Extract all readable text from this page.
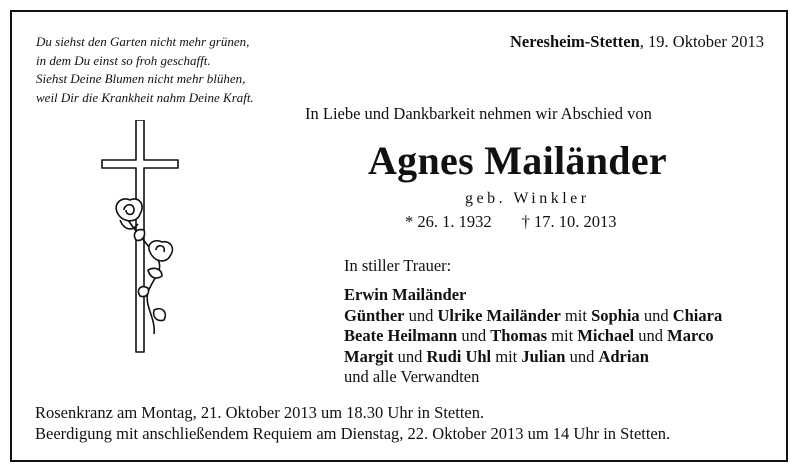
Du siehst den Garten nicht mehr grünen,
in dem Du einst so froh geschafft.
Siehst Deine Blumen nicht mehr blühen,
weil Dir die Krankheit nahm Deine Kraft.
Neresheim-Stetten, 19. Oktober 2013
In Liebe und Dankbarkeit nehmen wir Abschied von
Agnes Mailänder
geb. Winkler
* 26. 1. 1932 † 17. 10. 2013
In stiller Trauer:
Erwin Mailänder
Günther und Ulrike Mailänder mit Sophia und Chiara
Beate Heilmann und Thomas mit Michael und Marco
Margit und Rudi Uhl mit Julian und Adrian
und alle Verwandten
Rosenkranz am Montag, 21. Oktober 2013 um 18.30 Uhr in Stetten.
Beerdigung mit anschließendem Requiem am Dienstag, 22. Oktober 2013 um 14 Uhr in Stetten.
